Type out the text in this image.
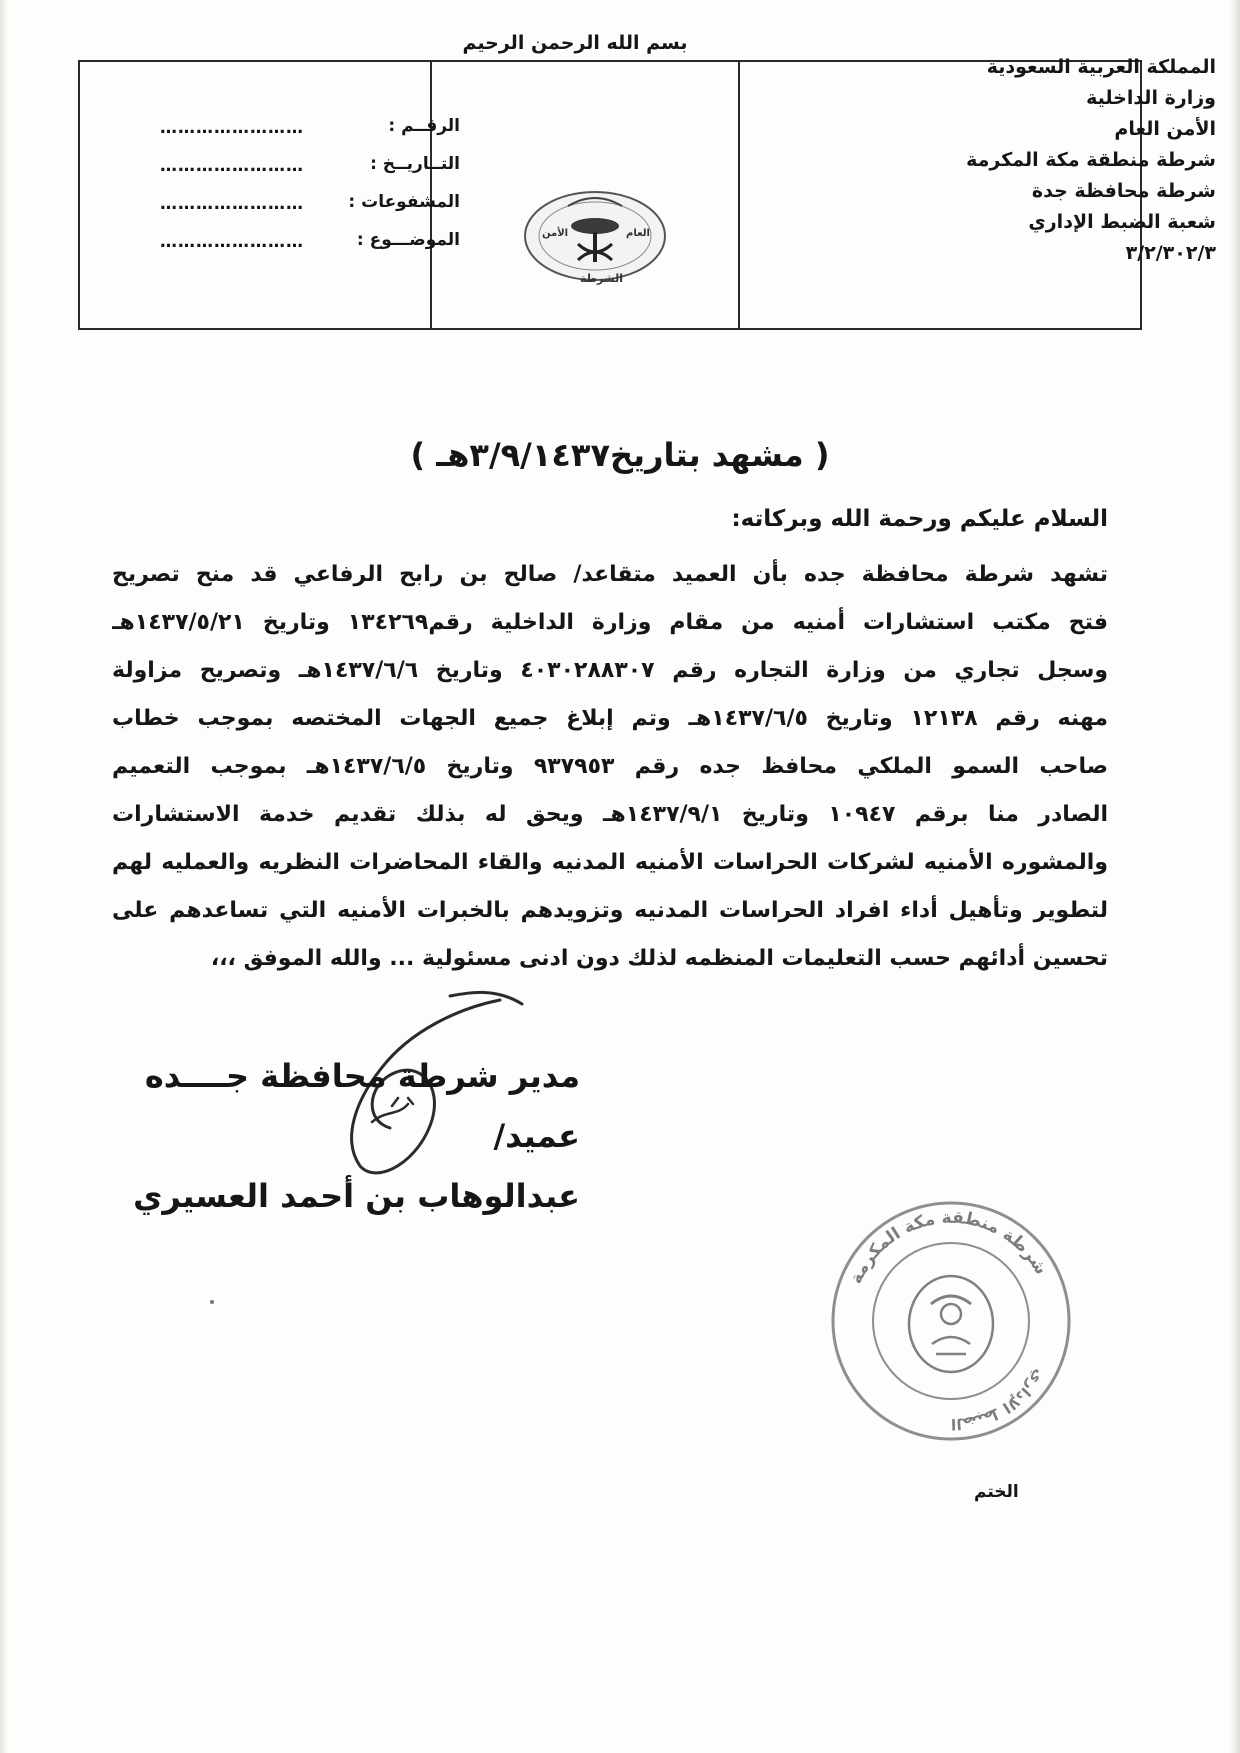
المملكة العربية السعودية
وزارة الداخلية
الأمن العام
شرطة منطقة مكة المكرمة
شرطة محافظة جدة
شعبة الضبط الإداري
٣/٢/٣٠٢/٣
بسم الله الرحمن الرحيم
الأمن	العام
الشرطة
الرقــم :
……………………
التــاريــخ :
……………………
المشفوعات :
……………………
الموضـــوع :
……………………
( مشهد بتاريخ٣/٩/١٤٣٧هـ )
السلام عليكم ورحمة الله وبركاته:
تشهد شرطة محافظة جده بأن العميد متقاعد/ صالح بن رابح الرفاعي قد منح تصريح
فتح مكتب استشارات أمنيه من مقام وزارة الداخلية رقم١٣٤٢٦٩ وتاريخ ١٤٣٧/٥/٢١هـ
وسجل تجاري من وزارة التجاره رقم ٤٠٣٠٢٨٨٣٠٧ وتاريخ ١٤٣٧/٦/٦هـ وتصريح مزاولة
مهنه رقم ١٢١٣٨ وتاريخ ١٤٣٧/٦/٥هـ وتم إبلاغ جميع الجهات المختصه بموجب خطاب
صاحب السمو الملكي محافظ جده رقم ٩٣٧٩٥٣ وتاريخ ١٤٣٧/٦/٥هـ بموجب التعميم
الصادر منا برقم ١٠٩٤٧ وتاريخ ١٤٣٧/٩/١هـ ويحق له بذلك تقديم خدمة الاستشارات
والمشوره الأمنيه لشركات الحراسات الأمنيه المدنيه والقاء المحاضرات النظريه والعمليه لهم
لتطوير وتأهيل أداء افراد الحراسات المدنيه وتزويدهم بالخبرات الأمنيه التي تساعدهم على
تحسين أدائهم حسب التعليمات المنظمه لذلك دون ادنى مسئولية ... والله الموفق ،،،
مدير شرطة محافظة جــــده
عميد/
عبدالوهاب بن أحمد العسيري
شرطة منطقة مكة المكرمة
الضبط الإداري
الختم
